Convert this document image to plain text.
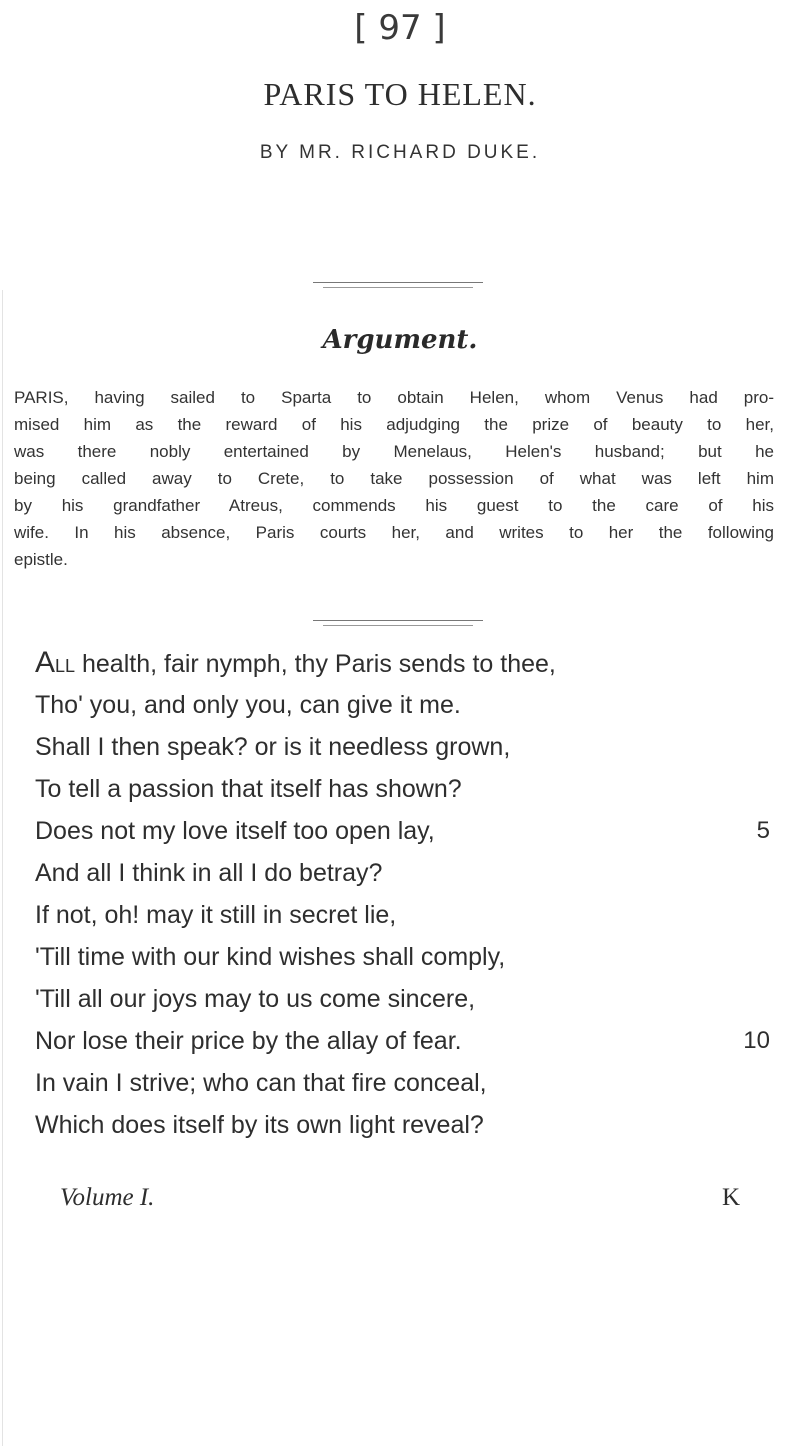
[ 97 ]
PARIS TO HELEN.
BY MR. RICHARD DUKE.
Argument.
PARIS, having sailed to Sparta to obtain Helen, whom Venus had pro-
mised him as the reward of his adjudging the prize of beauty to her,
was there nobly entertained by Menelaus, Helen's husband; but he
being called away to Crete, to take possession of what was left him
by his grandfather Atreus, commends his guest to the care of his
wife. In his absence, Paris courts her, and writes to her the following
epistle.
All health, fair nymph, thy Paris sends to thee,
Tho' you, and only you, can give it me.
Shall I then speak? or is it needless grown,
To tell a passion that itself has shown?
Does not my love itself too open lay,	5
And all I think in all I do betray?
If not, oh! may it still in secret lie,
'Till time with our kind wishes shall comply,
'Till all our joys may to us come sincere,
Nor lose their price by the allay of fear.	10
In vain I strive; who can that fire conceal,
Which does itself by its own light reveal?
Volume I.	K
